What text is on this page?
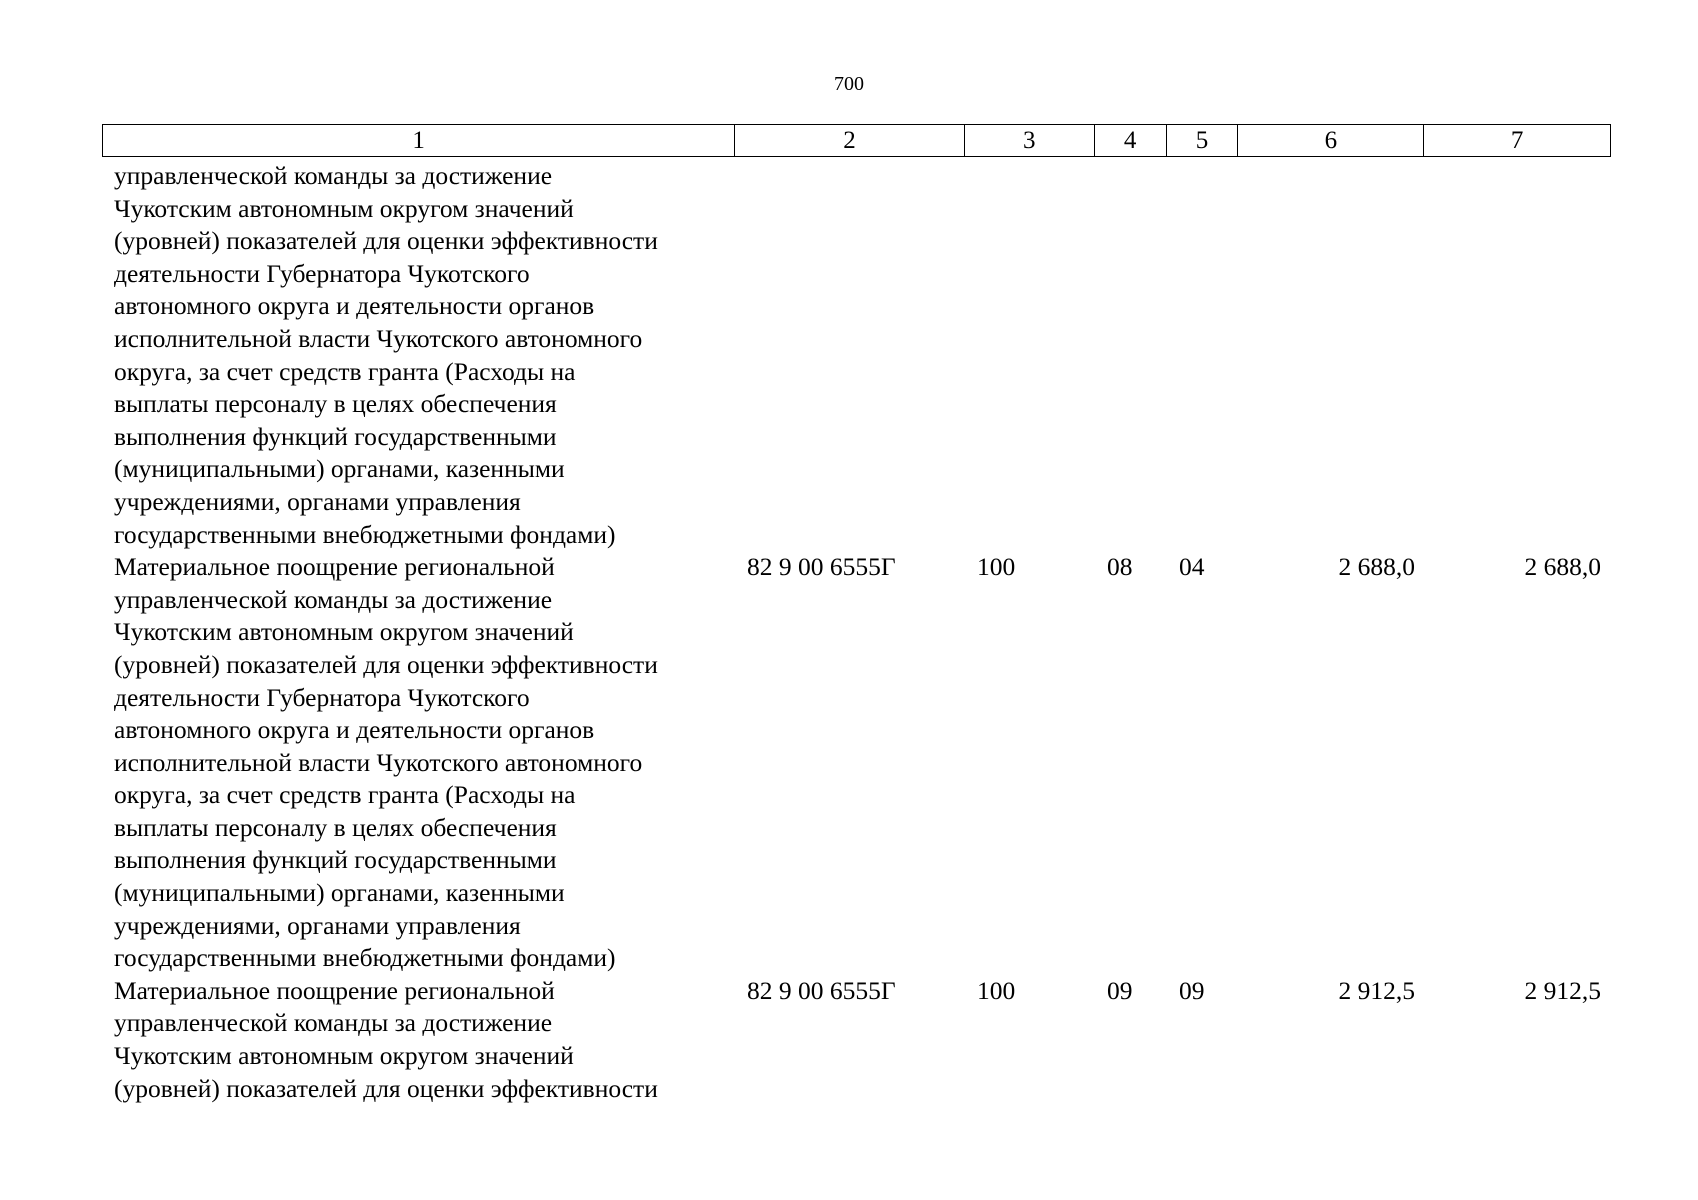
700
1	2	3	4	5	6	7
управленческой команды за достижение
Чукотским автономным округом значений
(уровней) показателей для оценки эффективности
деятельности Губернатора Чукотского
автономного округа и деятельности органов
исполнительной власти Чукотского автономного
округа, за счет средств гранта (Расходы на
выплаты персоналу в целях обеспечения
выполнения функций государственными
(муниципальными) органами, казенными
учреждениями, органами управления
государственными внебюджетными фондами)
Материальное поощрение региональной
управленческой команды за достижение
Чукотским автономным округом значений
(уровней) показателей для оценки эффективности
деятельности Губернатора Чукотского
автономного округа и деятельности органов
исполнительной власти Чукотского автономного
округа, за счет средств гранта (Расходы на
выплаты персоналу в целях обеспечения
выполнения функций государственными
(муниципальными) органами, казенными
учреждениями, органами управления
государственными внебюджетными фондами)
82 9 00 6555Г	100	08	04	2 688,0	2 688,0
Материальное поощрение региональной
управленческой команды за достижение
Чукотским автономным округом значений
(уровней) показателей для оценки эффективности
82 9 00 6555Г	100	09	09	2 912,5	2 912,5
